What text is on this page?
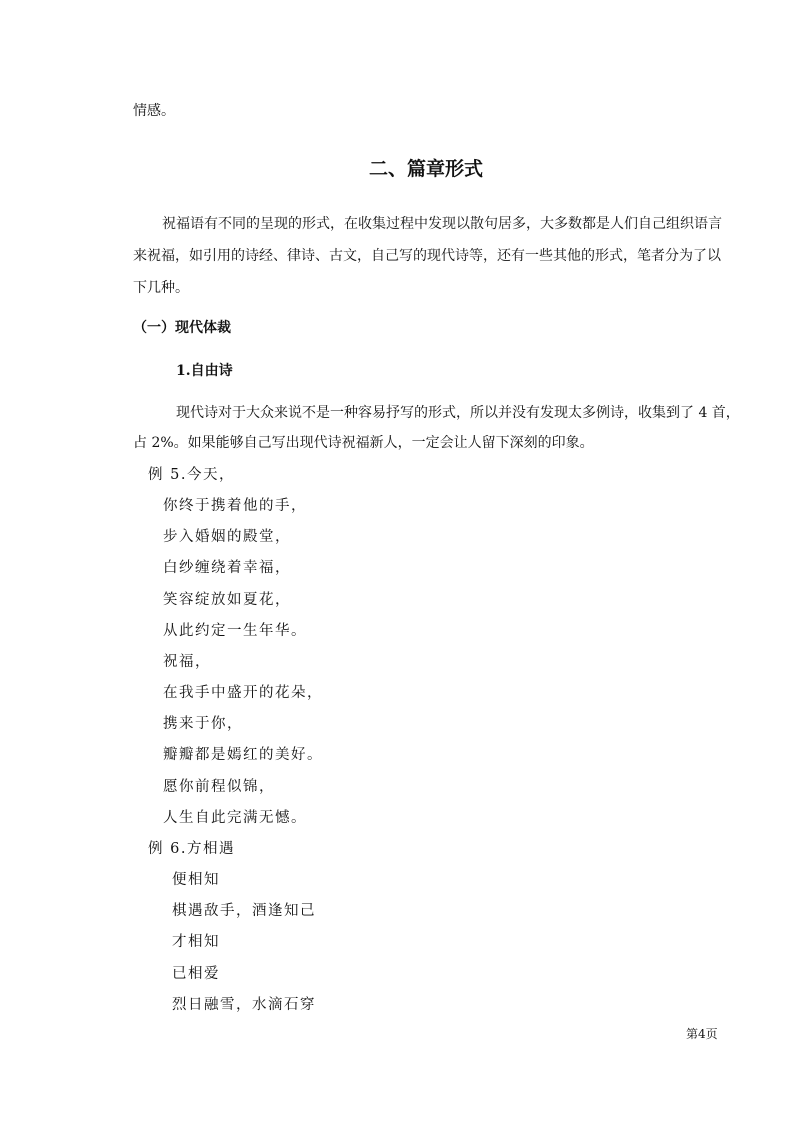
情感。
二、篇章形式
祝福语有不同的呈现的形式，在收集过程中发现以散句居多，大多数都是人们自己组织语言
来祝福，如引用的诗经、律诗、古文，自己写的现代诗等，还有一些其他的形式，笔者分为了以
下几种。
（一）现代体裁
1.自由诗
现代诗对于大众来说不是一种容易抒写的形式，所以并没有发现太多例诗，收集到了 4 首，
占 2%。如果能够自己写出现代诗祝福新人，一定会让人留下深刻的印象。
例 5.今天，
你终于携着他的手，
步入婚姻的殿堂，
白纱缠绕着幸福，
笑容绽放如夏花，
从此约定一生年华。
祝福，
在我手中盛开的花朵，
携来于你，
瓣瓣都是嫣红的美好。
愿你前程似锦，
人生自此完满无憾。
例 6.方相遇
便相知
棋遇敌手，酒逢知己
才相知
已相爱
烈日融雪，水滴石穿
第4页
